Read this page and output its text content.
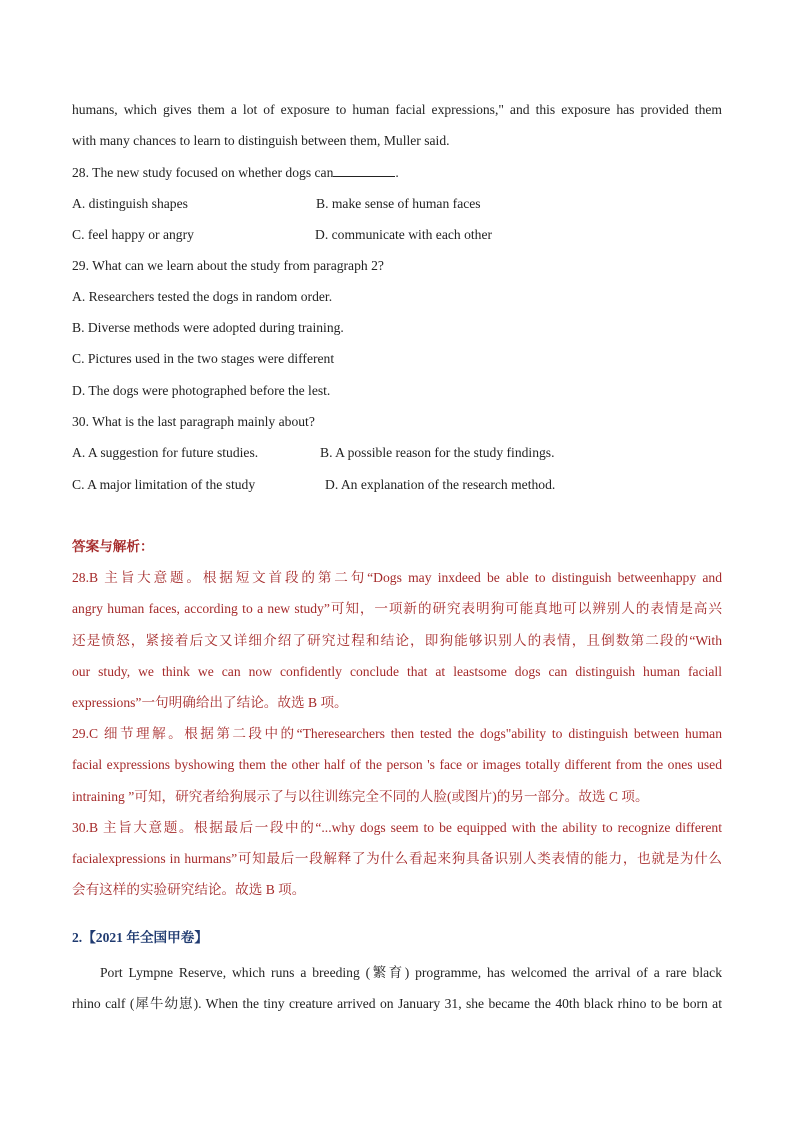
humans, which gives them a lot of exposure to human facial expressions," and this exposure has provided them
with many chances to learn to distinguish between them, Muller said.
28. The new study focused on whether dogs can	.
A. distinguish shapes	B. make sense of human faces
C. feel happy or angry	D. communicate with each other
29. What can we learn about the study from paragraph 2?
A. Researchers tested the dogs in random order.
B. Diverse methods were adopted during training.
C. Pictures used in the two stages were different
D. The dogs were photographed before the lest.
30. What is the last paragraph mainly about?
A. A suggestion for future studies.	B. A possible reason for the study findings.
C. A major limitation of the study	D. An explanation of the research method.
答案与解析：
28.B 主旨大意题。根据短文首段的第二句“Dogs may inxdeed be able to distinguish betweenhappy and
angry human faces, according to a new study”可知，一项新的研究表明狗可能真地可以辨别人的表情是高兴
还是愤怒，紧接着后文又详细介绍了研究过程和结论，即狗能够识别人的表情，且倒数第二段的“With
our study, we think we can now confidently conclude that at leastsome dogs can distinguish human faciall
expressions”一句明确给出了结论。故选 B 项。
29.C 细节理解。根据第二段中的“Theresearchers then tested the dogs"ability to distinguish between human
facial expressions byshowing them the other half of the person 's face or images totally different from the ones used
intraining ”可知，研究者给狗展示了与以往训练完全不同的人脸(或图片)的另一部分。故选 C 项。
30.B 主旨大意题。根据最后一段中的“...why dogs seem to be equipped with the ability to recognize different
facialexpressions in hurmans”可知最后一段解释了为什么看起来狗具备识别人类表情的能力，也就是为什么
会有这样的实验研究结论。故选 B 项。
2.【2021 年全国甲卷】
Port Lympne Reserve, which runs a breeding (繁育) programme, has welcomed the arrival of a rare black
rhino calf (犀牛幼崽). When the tiny creature arrived on January 31, she became the 40th black rhino to be born at
